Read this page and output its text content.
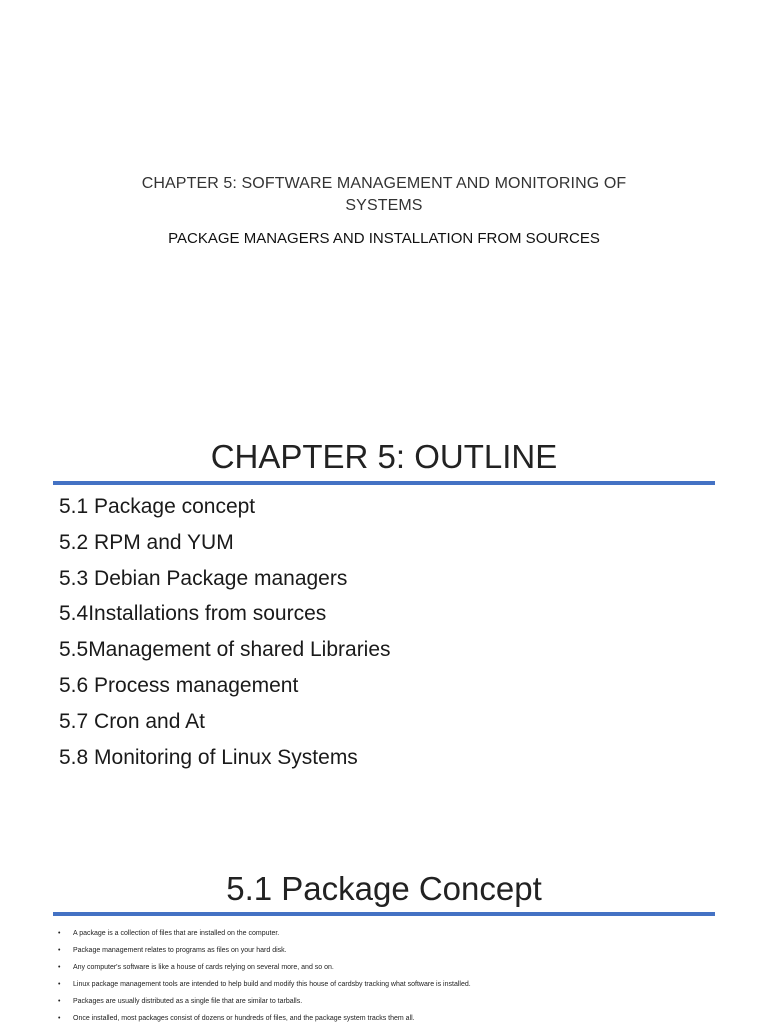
CHAPTER 5: SOFTWARE MANAGEMENT AND MONITORING OF
SYSTEMS
PACKAGE MANAGERS AND INSTALLATION FROM SOURCES
CHAPTER 5: OUTLINE
5.1 Package concept
5.2 RPM and YUM
5.3 Debian Package managers
5.4Installations from sources
5.5Management of shared Libraries
5.6 Process management
5.7 Cron and At
5.8 Monitoring of Linux Systems
5.1 Package Concept
• A package is a collection of files that are installed on the computer.
• Package management relates to programs as files on your hard disk.
• Any computer's software is like a house of cards relying on several more, and so on.
• Linux package management tools are intended to help build and modify this house of cardsby tracking what software is installed.
• Packages are usually distributed as a single file that are similar to tarballs.
• Once installed, most packages consist of dozens or hundreds of files, and the package system tracks them all.
